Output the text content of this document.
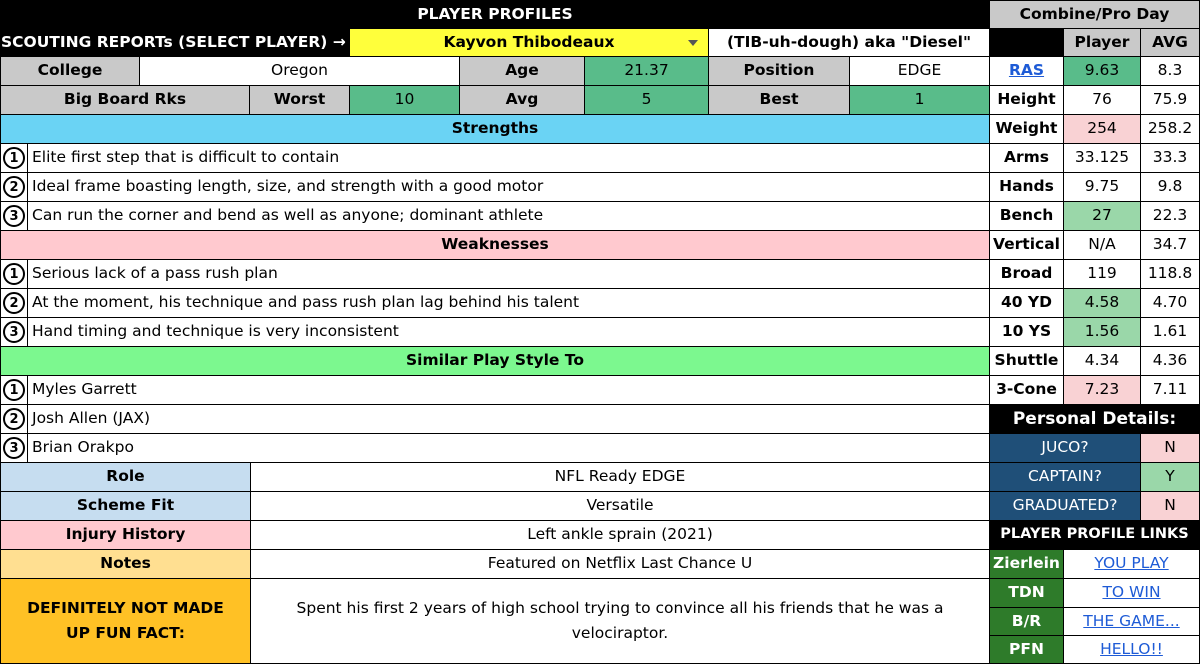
PLAYER PROFILES	Combine/Pro Day
SCOUTING REPORTs (SELECT PLAYER) →	Kayvon Thibodeaux	(TIB-uh-dough) aka "Diesel"	Player	AVG
College	Oregon	Age	21.37	Position	EDGE
Big Board Rks	Worst	10	Avg	5	Best	1
Strengths
1 Elite first step that is difficult to contain
2 Ideal frame boasting length, size, and strength with a good motor
3 Can run the corner and bend as well as anyone; dominant athlete
Weaknesses
1 Serious lack of a pass rush plan
2 At the moment, his technique and pass rush plan lag behind his talent
3 Hand timing and technique is very inconsistent
Similar Play Style To
1 Myles Garrett
2 Josh Allen (JAX)
3 Brian Orakpo
Role	NFL Ready EDGE
Scheme Fit	Versatile
Injury History	Left ankle sprain (2021)
Notes	Featured on Netflix Last Chance U
DEFINITELY NOT MADE UP FUN FACT:
Spent his first 2 years of high school trying to convince all his friends that he was a velociraptor.
RAS	9.63	8.3
Height	76	75.9
Weight	254	258.2
Arms	33.125	33.3
Hands	9.75	9.8
Bench	27	22.3
Vertical	N/A	34.7
Broad	119	118.8
40 YD	4.58	4.70
10 YS	1.56	1.61
Shuttle	4.34	4.36
3-Cone	7.23	7.11
Personal Details:
JUCO?	N
CAPTAIN?	Y
GRADUATED?	N
PLAYER PROFILE LINKS
Zierlein YOU PLAY
TDN	TO WIN
B/R	THE GAME...
PFN	HELLO!!
